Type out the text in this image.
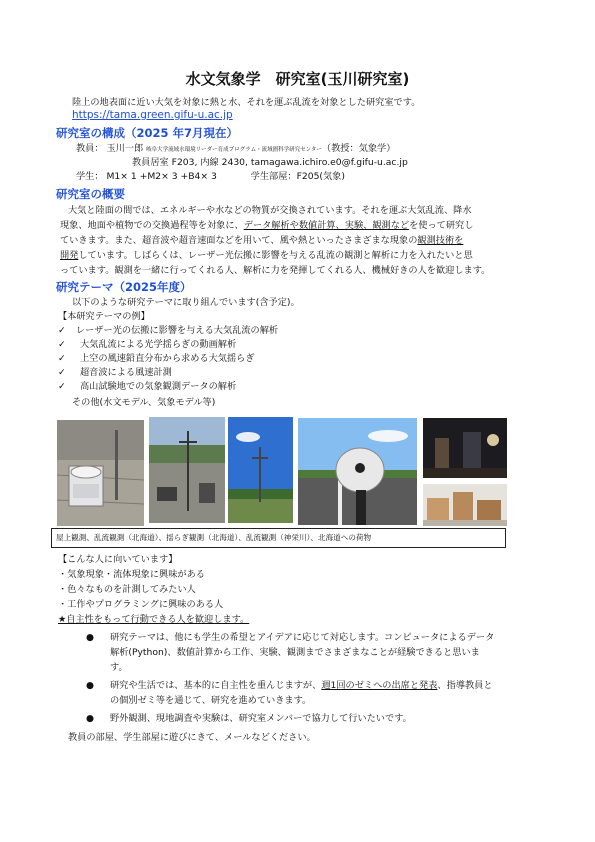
水文気象学　研究室(玉川研究室)
陸上の地表面に近い大気を対象に熱と水、それを運ぶ乱流を対象とした研究室です。
https://tama.green.gifu-u.ac.jp
研究室の構成（2025 年7月現在）
教員： 玉川一郎 岐阜大学流域水環境リーダー育成プログラム・流域圏科学研究センター（教授：気象学）
教員居室 F203, 内線 2430, tamagawa.ichiro.e0@f.gifu-u.ac.jp
学生： M1× 1 +M2× 3 +B4× 3	学生部屋：F205(気象)
研究室の概要
大気と陸面の間では、エネルギーや水などの物質が交換されています。それを運ぶ大気乱流、降水
現象、地面や植物での交換過程等を対象に、データ解析や数値計算、実験、観測などを使って研究し
ていきます。また、超音波や超音速面などを用いて、風や熱といったさまざまな現象の観測技術を
開発しています。しばらくは、レーザー光伝搬に影響を与える乱流の観測と解析に力を入れたいと思
っています。観測を一緒に行ってくれる人、解析に力を発揮してくれる人、機械好きの人を歓迎します。
研究テーマ（2025年度）
以下のような研究テーマに取り組んでいます(含予定)。
【本研究テーマの例】
✓ レーザー光の伝搬に影響を与える大気乱流の解析
✓ 大気乱流による光学揺らぎの動画解析
✓ 上空の風速鉛直分布から求める大気揺らぎ
✓ 超音波による風速計測
✓ 高山試験地での気象観測データの解析
その他(水文モデル、気象モデル等)
屋上観測、乱流観測（北海道）、揺らぎ観測（北海道）、乱流観測（神栄川）、北海道への荷物
【こんな人に向いています】
・気象現象・流体現象に興味がある
・色々なものを計測してみたい人
・工作やプログラミングに興味のある人
★自主性をもって行動できる人を歓迎します。
● 研究テーマは、他にも学生の希望とアイデアに応じて対応します。コンピュータによるデータ
解析(Python)、数値計算から工作、実験、観測までさまざまなことが経験できると思いま
す。
● 研究や生活では、基本的に自主性を重んじますが、週1回のゼミへの出席と発表、指導教員と
の個別ゼミ等を通じて、研究を進めていきます。
● 野外観測、現地調査や実験は、研究室メンバーで協力して行いたいです。
教員の部屋、学生部屋に遊びにきて、メールなどください。
